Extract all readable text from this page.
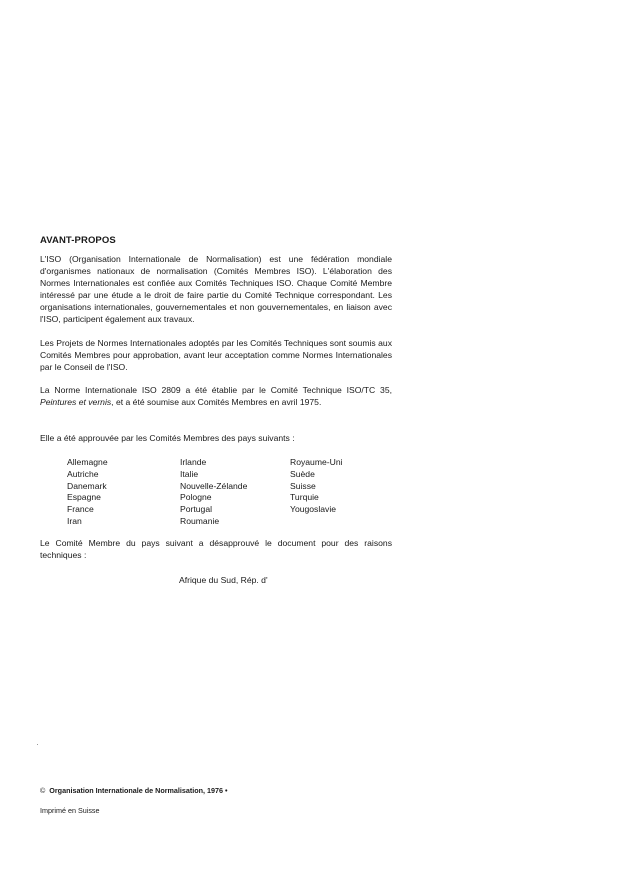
AVANT-PROPOS

L'ISO (Organisation Internationale de Normalisation) est une fédération mondiale d'organismes nationaux de normalisation (Comités Membres ISO). L'élaboration des Normes Internationales est confiée aux Comités Techniques ISO. Chaque Comité Membre intéressé par une étude a le droit de faire partie du Comité Technique correspondant. Les organisations internationales, gouvernementales et non gouvernementales, en liaison avec l'ISO, participent également aux travaux.

Les Projets de Normes Internationales adoptés par les Comités Techniques sont soumis aux Comités Membres pour approbation, avant leur acceptation comme Normes Internationales par le Conseil de l'ISO.

La Norme Internationale ISO 2809 a été établie par le Comité Technique ISO/TC 35, Peintures et vernis, et a été soumise aux Comités Membres en avril 1975.

Elle a été approuvée par les Comités Membres des pays suivants :

Allemagne
Autriche
Danemark
Espagne
France
Iran
Irlande
Italie
Nouvelle-Zélande
Pologne
Portugal
Roumanie
Royaume-Uni
Suède
Suisse
Turquie
Yougoslavie

Le Comité Membre du pays suivant a désapprouvé le document pour des raisons techniques :

Afrique du Sud, Rép. d'
© Organisation Internationale de Normalisation, 1976 •
Imprimé en Suisse
